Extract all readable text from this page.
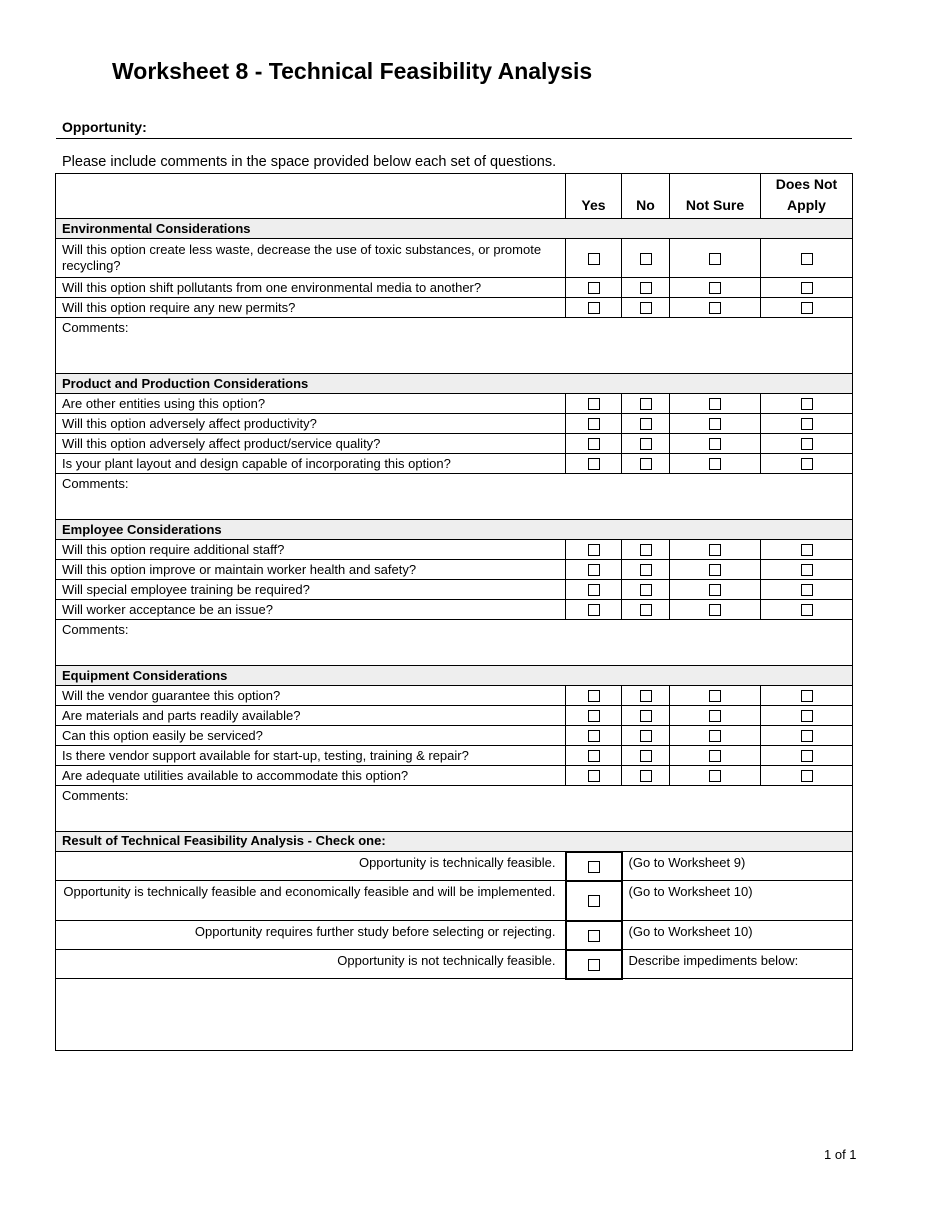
Worksheet 8 - Technical Feasibility Analysis
Opportunity:
Please include comments in the space provided below each set of questions.
	Yes	No	Not Sure	Does Not
Apply
Environmental Considerations				
Will this option create less waste, decrease the use of toxic substances, or promote recycling?				
Will this option shift pollutants from one environmental media to another?				
Will this option require any new permits?				
Comments:				
Product and Production Considerations				
Are other entities using this option?				
Will this option adversely affect productivity?				
Will this option adversely affect product/service quality?				
Is your plant layout and design capable of incorporating this option?				
Comments:				
Employee Considerations				
Will this option require additional staff?				
Will this option improve or maintain worker health and safety?				
Will special employee training be required?				
Will worker acceptance be an issue?				
Comments:				
Equipment Considerations				
Will the vendor guarantee this option?				
Are materials and parts readily available?				
Can this option easily be serviced?				
Is there vendor support available for start-up, testing, training & repair?				
Are adequate utilities available to accommodate this option?				
Comments:				
Result of Technical Feasibility Analysis - Check one:				
Opportunity is technically feasible.		(Go to Worksheet 9)		
Opportunity is technically feasible and economically feasible and will be implemented.		(Go to Worksheet 10)		
Opportunity requires further study before selecting or rejecting.		(Go to Worksheet 10)		
Opportunity is not technically feasible.		Describe impediments below:		

1 of 1
